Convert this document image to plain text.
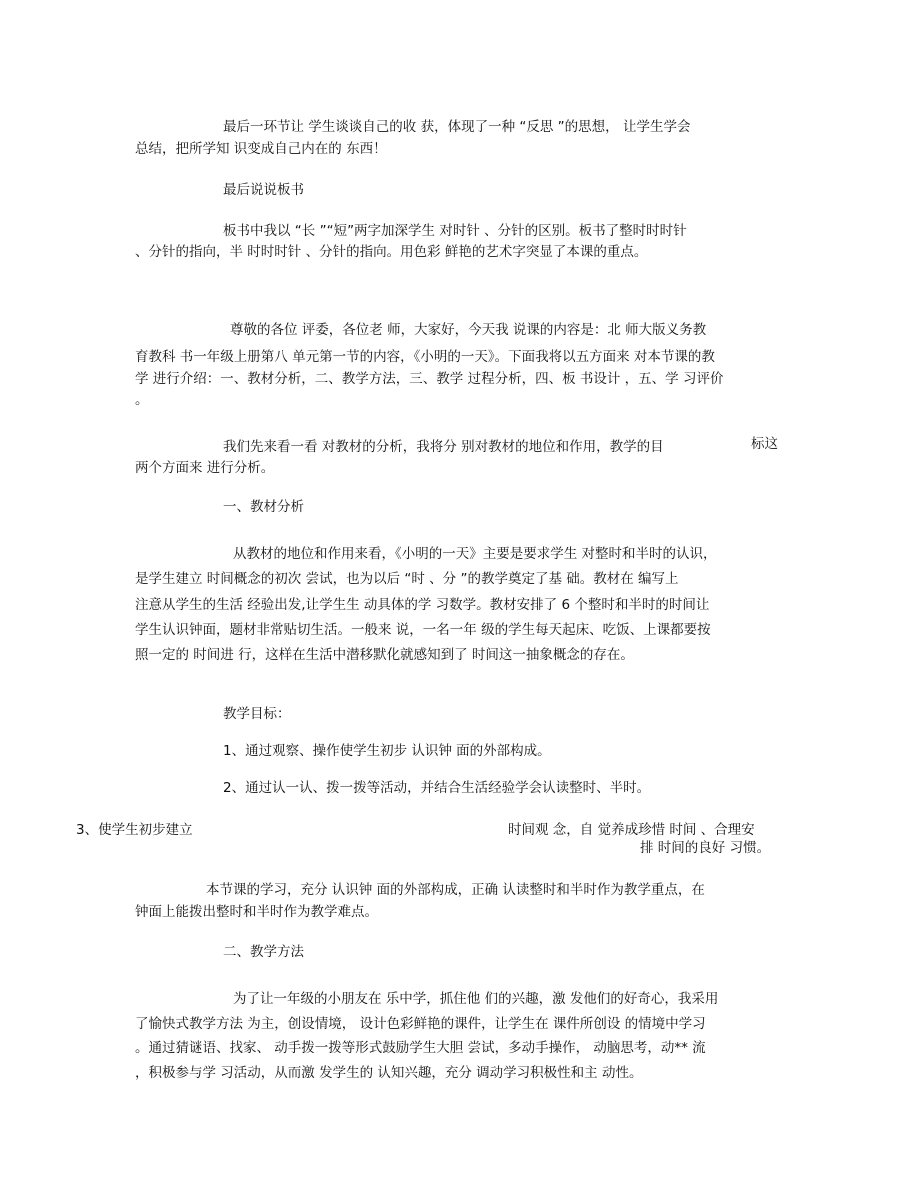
最后一环节让 学生谈谈自己的收 获，体现了一种 “反思 ”的思想， 让学生学会
总结，把所学知 识变成自己内在的 东西！
最后说说板书
板书中我以 “长 ”“短”两字加深学生 对时针 、分针的区别。板书了整时时时针
、分针的指向，半 时时时针 、分针的指向。用色彩 鲜艳的艺术字突显了本课的重点。
尊敬的各位 评委，各位老 师，大家好，今天我 说课的内容是：北 师大版义务教
育教科 书一年级上册第八 单元第一节的内容，《小明的一天》。下面我将以五方面来 对本节课的教
学 进行介绍：一、教材分析，二、教学方法，三、教学 过程分析，四、板 书设计 ，五、学 习评价
。
我们先来看一看 对教材的分析，我将分 别对教材的地位和作用，教学的目	标这
两个方面来 进行分析。
一、教材分析
从教材的地位和作用来看，《小明的一天》主要是要求学生 对整时和半时的认识，
是学生建立 时间概念的初次 尝试，也为以后 “时 、分 ”的教学奠定了基 础。教材在 编写上
注意从学生的生活 经验出发,让学生生 动具体的学 习数学。教材安排了 6 个整时和半时的时间让
学生认识钟面，题材非常贴切生活。一般来 说，一名一年 级的学生每天起床、吃饭、上课都要按
照一定的 时间进 行，这样在生活中潜移默化就感知到了 时间这一抽象概念的存在。
教学目标：
1、通过观察、操作使学生初步 认识钟 面的外部构成。
2、通过认一认、拨一拨等活动，并结合生活经验学会认读整时、半时。
3、使学生初步建立	时间观 念，自 觉养成珍惜 时间 、合理安
排 时间的良好 习惯。
本节课的学习，充分 认识钟 面的外部构成，正确 认读整时和半时作为教学重点，在
钟面上能拨出整时和半时作为教学难点。
二、教学方法
为了让一年级的小朋友在 乐中学，抓住他 们的兴趣，激 发他们的好奇心，我采用
了愉快式教学方法 为主，创设情境， 设计色彩鲜艳的课件，让学生在 课件所创设 的情境中学习
。通过猜谜语、找家、 动手拨一拨等形式鼓励学生大胆 尝试，多动手操作， 动脑思考，动** 流
，积极参与学 习活动，从而激 发学生的 认知兴趣，充分 调动学习积极性和主 动性。
